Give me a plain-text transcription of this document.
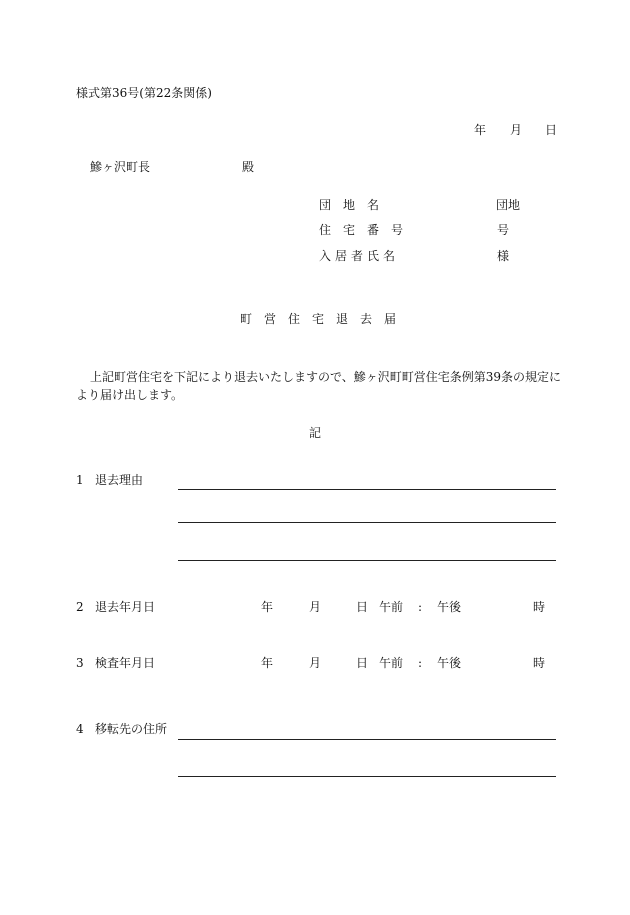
様式第36号(第22条関係)
年 月 日
鰺ヶ沢町長	殿
団　地　名	団地
住　宅　番　号	号
入居者氏名	様
町　営　住　宅　退　去　届
上記町営住宅を下記により退去いたしますので、鰺ヶ沢町町営住宅条例第39条の規定に
より届け出します。
記
1 退去理由
2 退去年月日	年	月	日 午前 : 午後	時
3 検査年月日	年	月	日 午前 : 午後	時
4 移転先の住所
